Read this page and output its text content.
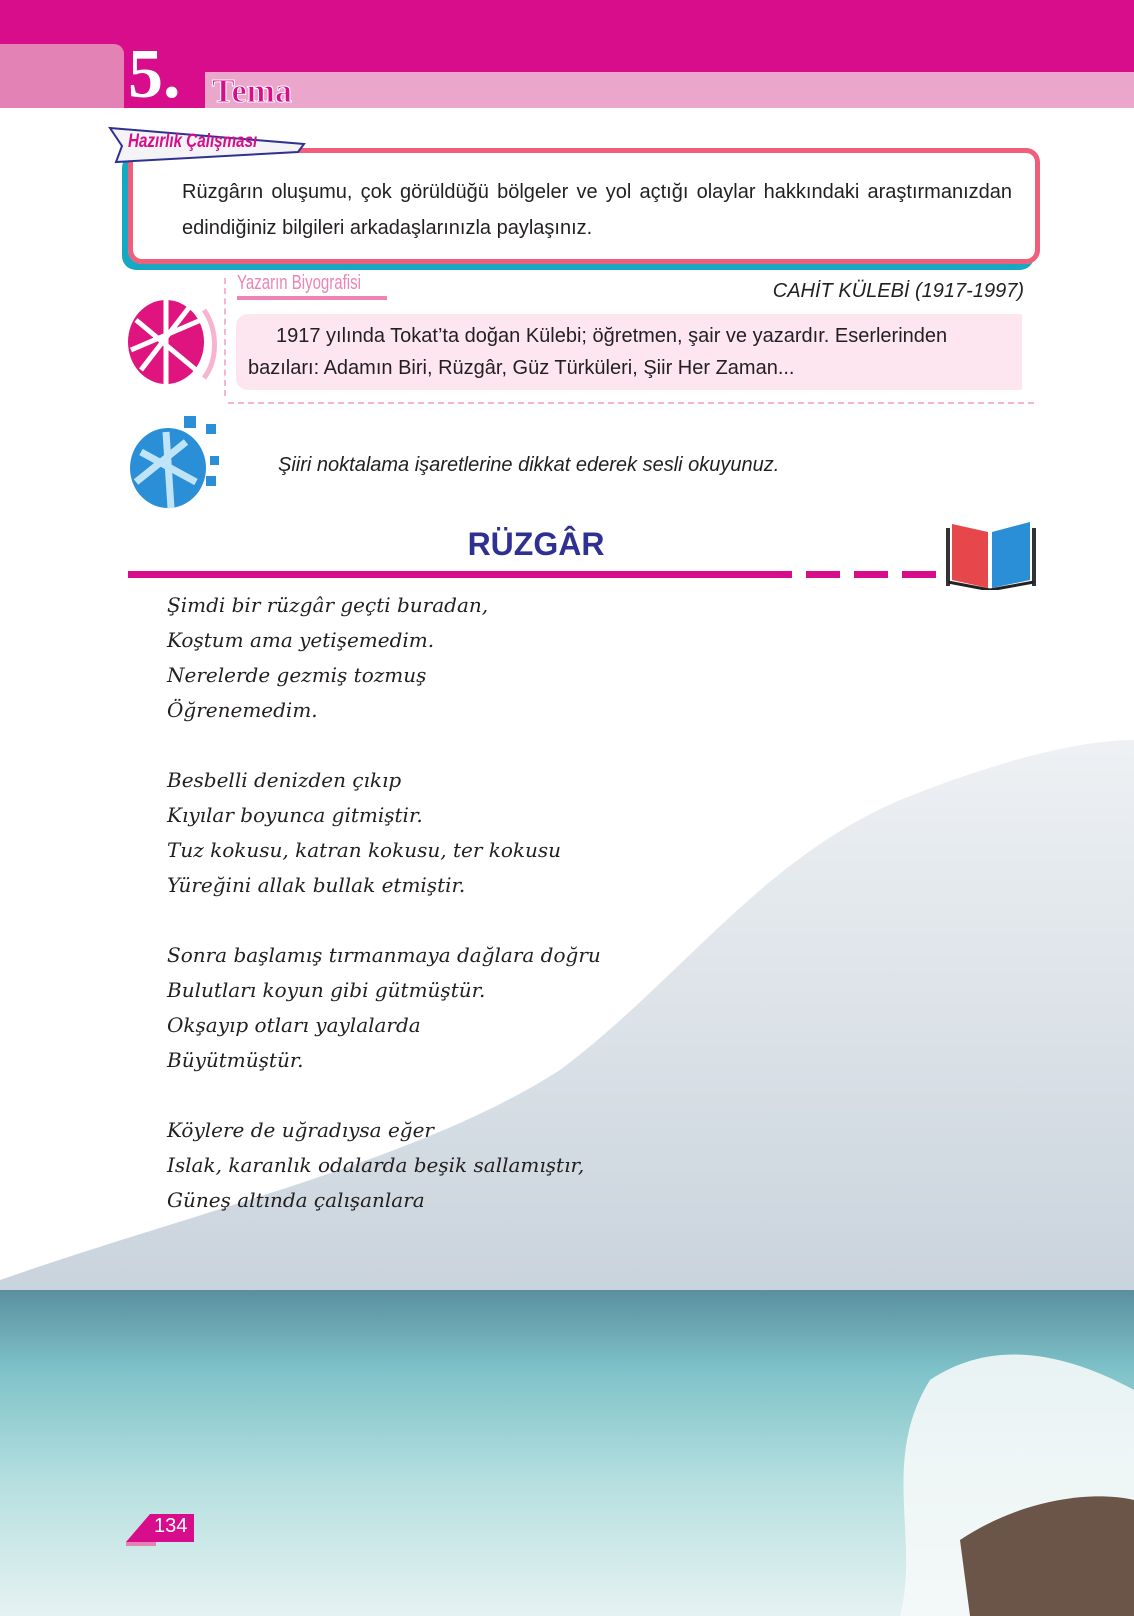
5. Tema
Hazırlık Çalışması
Rüzgârın oluşumu, çok görüldüğü bölgeler ve yol açtığı olaylar hakkındaki araştırmanızdan edindiğiniz bilgileri arkadaşlarınızla paylaşınız.
Yazarın Biyografisi	CAHİT KÜLEBİ (1917-1997)
1917 yılında Tokat’ta doğan Külebi; öğretmen, şair ve yazardır. Eserlerinden bazıları: Adamın Biri, Rüzgâr, Güz Türküleri, Şiir Her Zaman...
Şiiri noktalama işaretlerine dikkat ederek sesli okuyunuz.
RÜZGÂR
Şimdi bir rüzgâr geçti buradan,
Koştum ama yetişemedim.
Nerelerde gezmiş tozmuş
Öğrenemedim.
Besbelli denizden çıkıp
Kıyılar boyunca gitmiştir.
Tuz kokusu, katran kokusu, ter kokusu
Yüreğini allak bullak etmiştir.
Sonra başlamış tırmanmaya dağlara doğru
Bulutları koyun gibi gütmüştür.
Okşayıp otları yaylalarda
Büyütmüştür.
Köylere de uğradıysa eğer
Islak, karanlık odalarda beşik sallamıştır,
Güneş altında çalışanlara
134
